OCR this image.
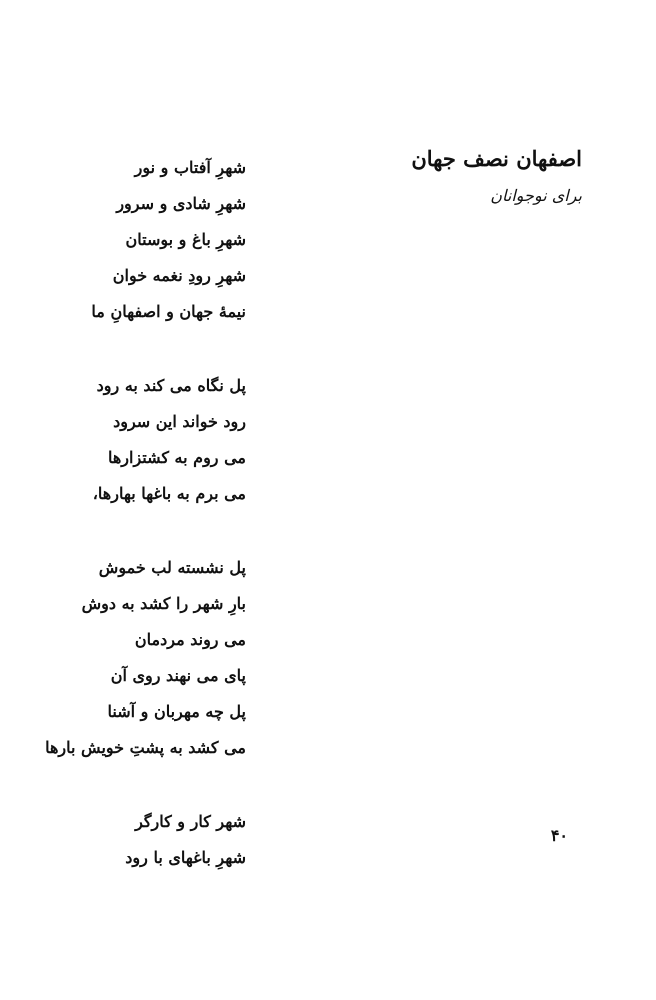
اصفهان نصف جهان
برای نوجوانان
شهرِ آفتاب و نور
شهرِ شادی و سرور
شهرِ باغ و بوستان
شهرِ رودِ نغمه خوان
نیمهٔ جهان و اصفهانِ ما
پل نگاه می کند به رود
رود خواند این سرود
می روم به کشتزارها
می برم به باغها بهارها،
پل نشسته لب خموش
بارِ شهر را کشد به دوش
می روند مردمان
پای می نهند روی آن
پل چه مهربان و آشنا
می کشد به پشتِ خویش بارها
شهر کار و کارگر
شهرِ باغهای با رود
۴۰
